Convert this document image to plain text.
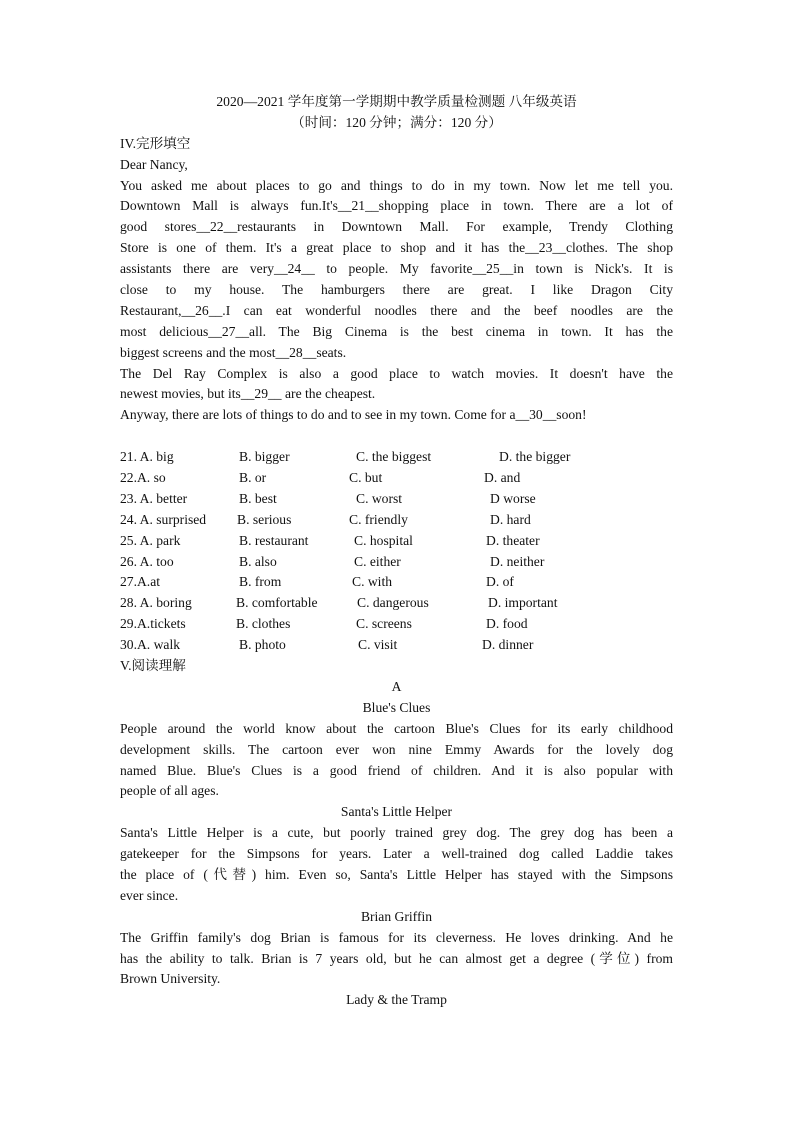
2020—2021 学年度第一学期期中教学质量检测题 八年级英语
（时间：120 分钟；满分：120 分）
IV.完形填空
Dear Nancy,
You asked me about places to go and things to do in my town. Now let me tell you.
Downtown Mall is always fun.It's__21__shopping place in town. There are a lot of
good stores__22__restaurants in Downtown Mall. For example, Trendy Clothing
Store is one of them. It's a great place to shop and it has the__23__clothes. The shop
assistants there are very__24__ to people. My favorite__25__in town is Nick's. It is
close to my house. The hamburgers there are great. I like Dragon City
Restaurant,__26__.I can eat wonderful noodles there and the beef noodles are the
most delicious__27__all. The Big Cinema is the best cinema in town. It has the
biggest screens and the most__28__seats.
The Del Ray Complex is also a good place to watch movies. It doesn't have the
newest movies, but its__29__ are the cheapest.
Anyway, there are lots of things to do and to see in my town. Come for a__30__soon!
21. A. big	B. bigger	C. the biggest	D. the bigger
22.A. so	B. or	C. but	D. and
23. A. better	B. best	C. worst	D worse
24. A. surprised B. serious	C. friendly	D. hard
25. A. park	B. restaurant	C. hospital	D. theater
26. A. too	B. also	C. either	D. neither
27.A.at	B. from	C. with	D. of
28. A. boring	B. comfortable	C. dangerous	D. important
29.A.tickets	B. clothes	C. screens	D. food
30.A. walk	B. photo	C. visit	D. dinner
V.阅读理解
A
Blue's Clues
People around the world know about the cartoon Blue's Clues for its early childhood
development skills. The cartoon ever won nine Emmy Awards for the lovely dog
named Blue. Blue's Clues is a good friend of children. And it is also popular with
people of all ages.
Santa's Little Helper
Santa's Little Helper is a cute, but poorly trained grey dog. The grey dog has been a
gatekeeper for the Simpsons for years. Later a well-trained dog called Laddie takes
the place of (代替) him. Even so, Santa's Little Helper has stayed with the Simpsons
ever since.
Brian Griffin
The Griffin family's dog Brian is famous for its cleverness. He loves drinking. And he
has the ability to talk. Brian is 7 years old, but he can almost get a degree (学位) from
Brown University.
Lady & the Tramp
